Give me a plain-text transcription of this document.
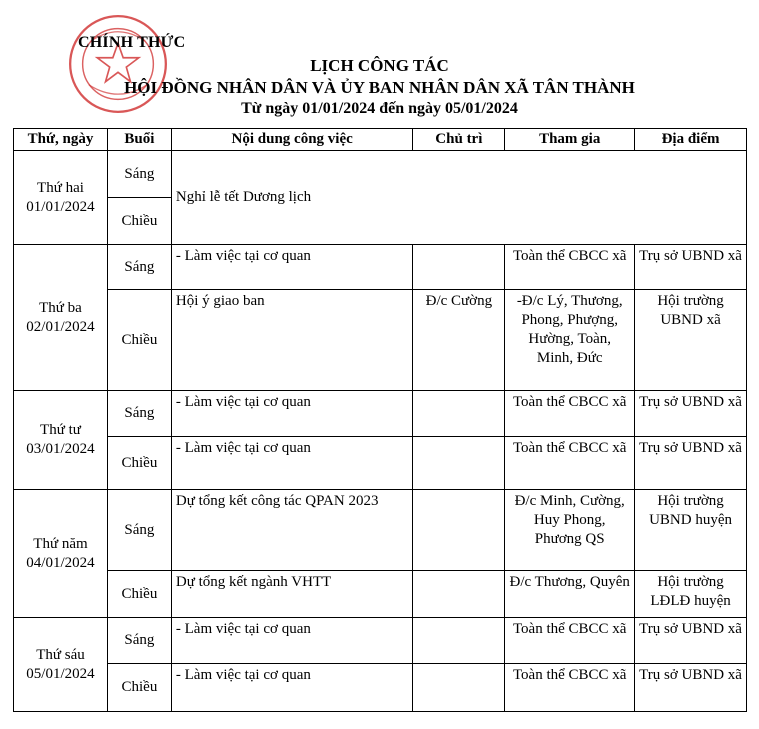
CHÍNH THỨC
LỊCH CÔNG TÁC
HỘI ĐỒNG NHÂN DÂN VÀ ỦY BAN NHÂN DÂN XÃ TÂN THÀNH
Từ ngày 01/01/2024 đến ngày 05/01/2024
Thứ, ngày	Buổi	Nội dung công việc	Chủ trì	Tham gia	Địa điểm
Thứ hai
01/01/2024	Sáng	Nghỉ lễ tết Dương lịch			
	Chiều				
Thứ ba
02/01/2024	Sáng	- Làm việc tại cơ quan		Toàn thể CBCC xã	Trụ sở UBND xã
	Chiều	Hội ý giao ban	Đ/c Cường	-Đ/c Lý, Thương, Phong, Phượng, Hường, Toàn, Minh, Đức	Hội trường UBND xã
Thứ tư
03/01/2024	Sáng	- Làm việc tại cơ quan		Toàn thể CBCC xã	Trụ sở UBND xã
	Chiều	- Làm việc tại cơ quan		Toàn thể CBCC xã	Trụ sở UBND xã
Thứ năm
04/01/2024	Sáng	Dự tổng kết công tác QPAN 2023		Đ/c Minh, Cường, Huy Phong, Phương QS	Hội trường UBND huyện
	Chiều	Dự tổng kết ngành VHTT		Đ/c Thương, Quyên	Hội trường LĐLĐ huyện
Thứ sáu
05/01/2024	Sáng	- Làm việc tại cơ quan		Toàn thể CBCC xã	Trụ sở UBND xã
	Chiều	- Làm việc tại cơ quan		Toàn thể CBCC xã	Trụ sở UBND xã
